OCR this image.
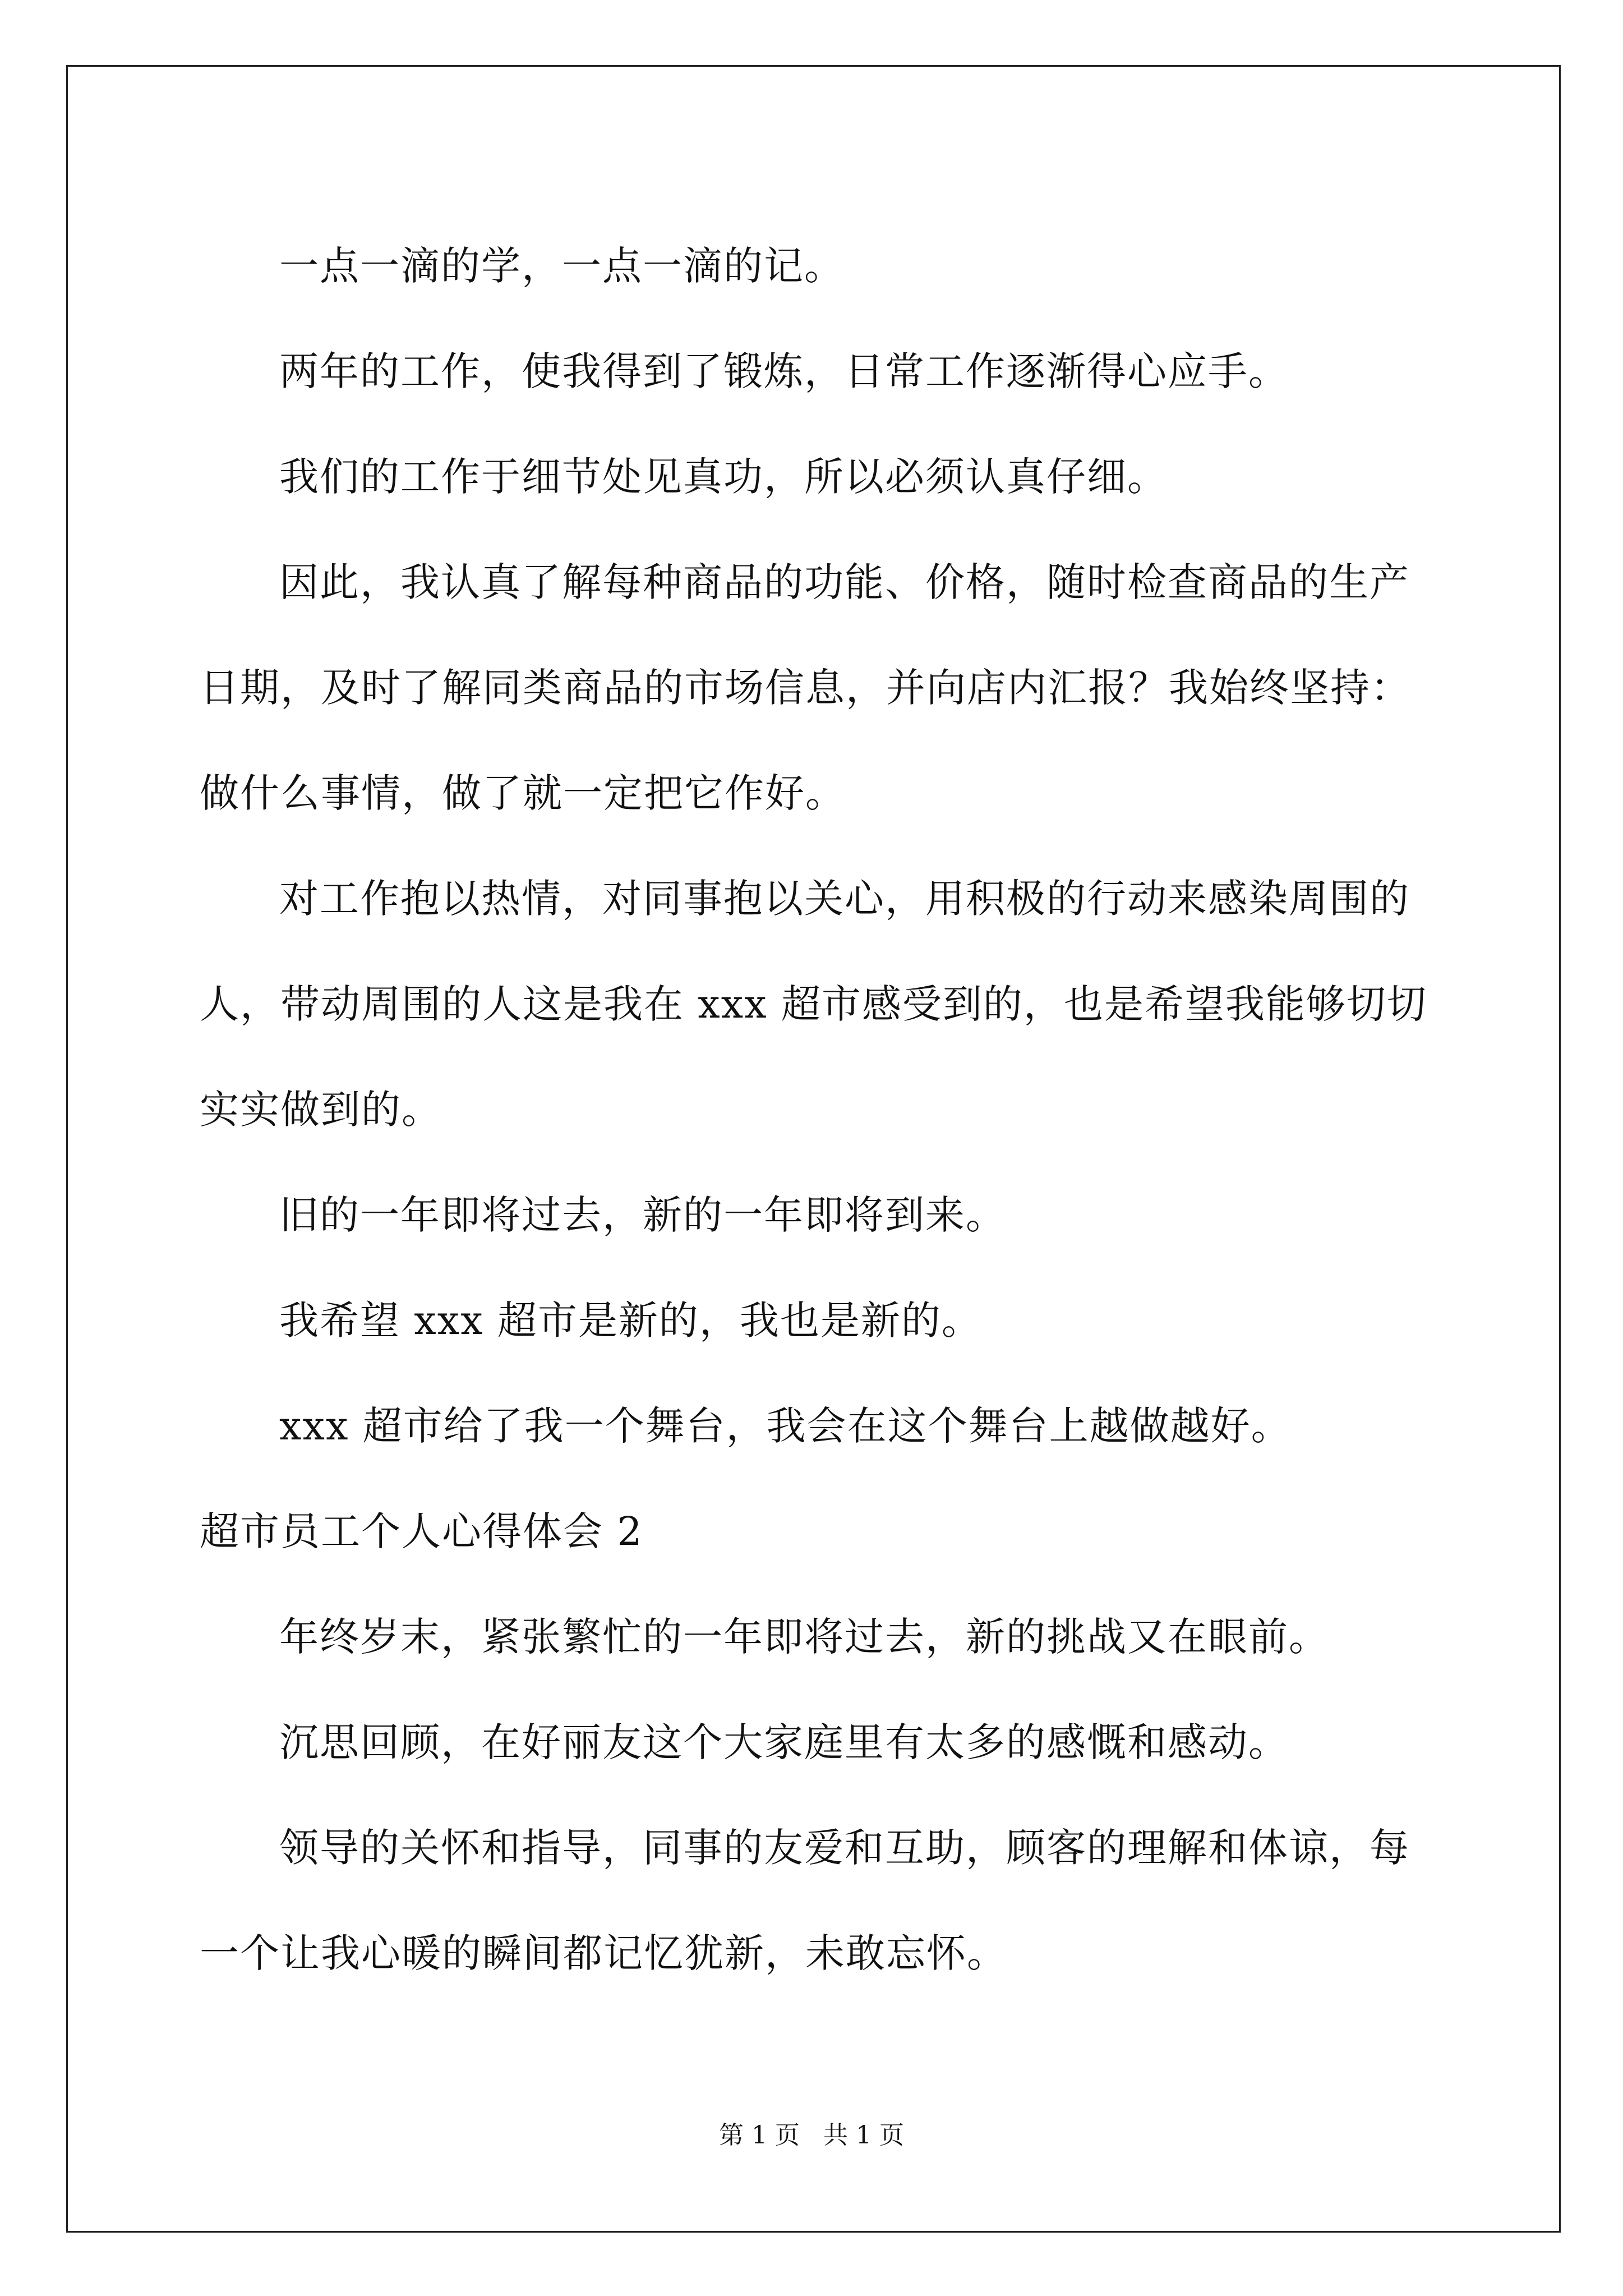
一点一滴的学，一点一滴的记。

两年的工作，使我得到了锻炼，日常工作逐渐得心应手。

我们的工作于细节处见真功，所以必须认真仔细。

因此，我认真了解每种商品的功能、价格，随时检查商品的生产日期，及时了解同类商品的市场信息，并向店内汇报？我始终坚持：做什么事情，做了就一定把它作好。

对工作抱以热情，对同事抱以关心，用积极的行动来感染周围的人，带动周围的人这是我在 xxx 超市感受到的，也是希望我能够切切实实做到的。

旧的一年即将过去，新的一年即将到来。

我希望 xxx 超市是新的，我也是新的。

xxx 超市给了我一个舞台，我会在这个舞台上越做越好。

超市员工个人心得体会 2

年终岁末，紧张繁忙的一年即将过去，新的挑战又在眼前。

沉思回顾，在好丽友这个大家庭里有太多的感慨和感动。

领导的关怀和指导，同事的友爱和互助，顾客的理解和体谅，每一个让我心暖的瞬间都记忆犹新，未敢忘怀。

第 1 页 共 1 页
